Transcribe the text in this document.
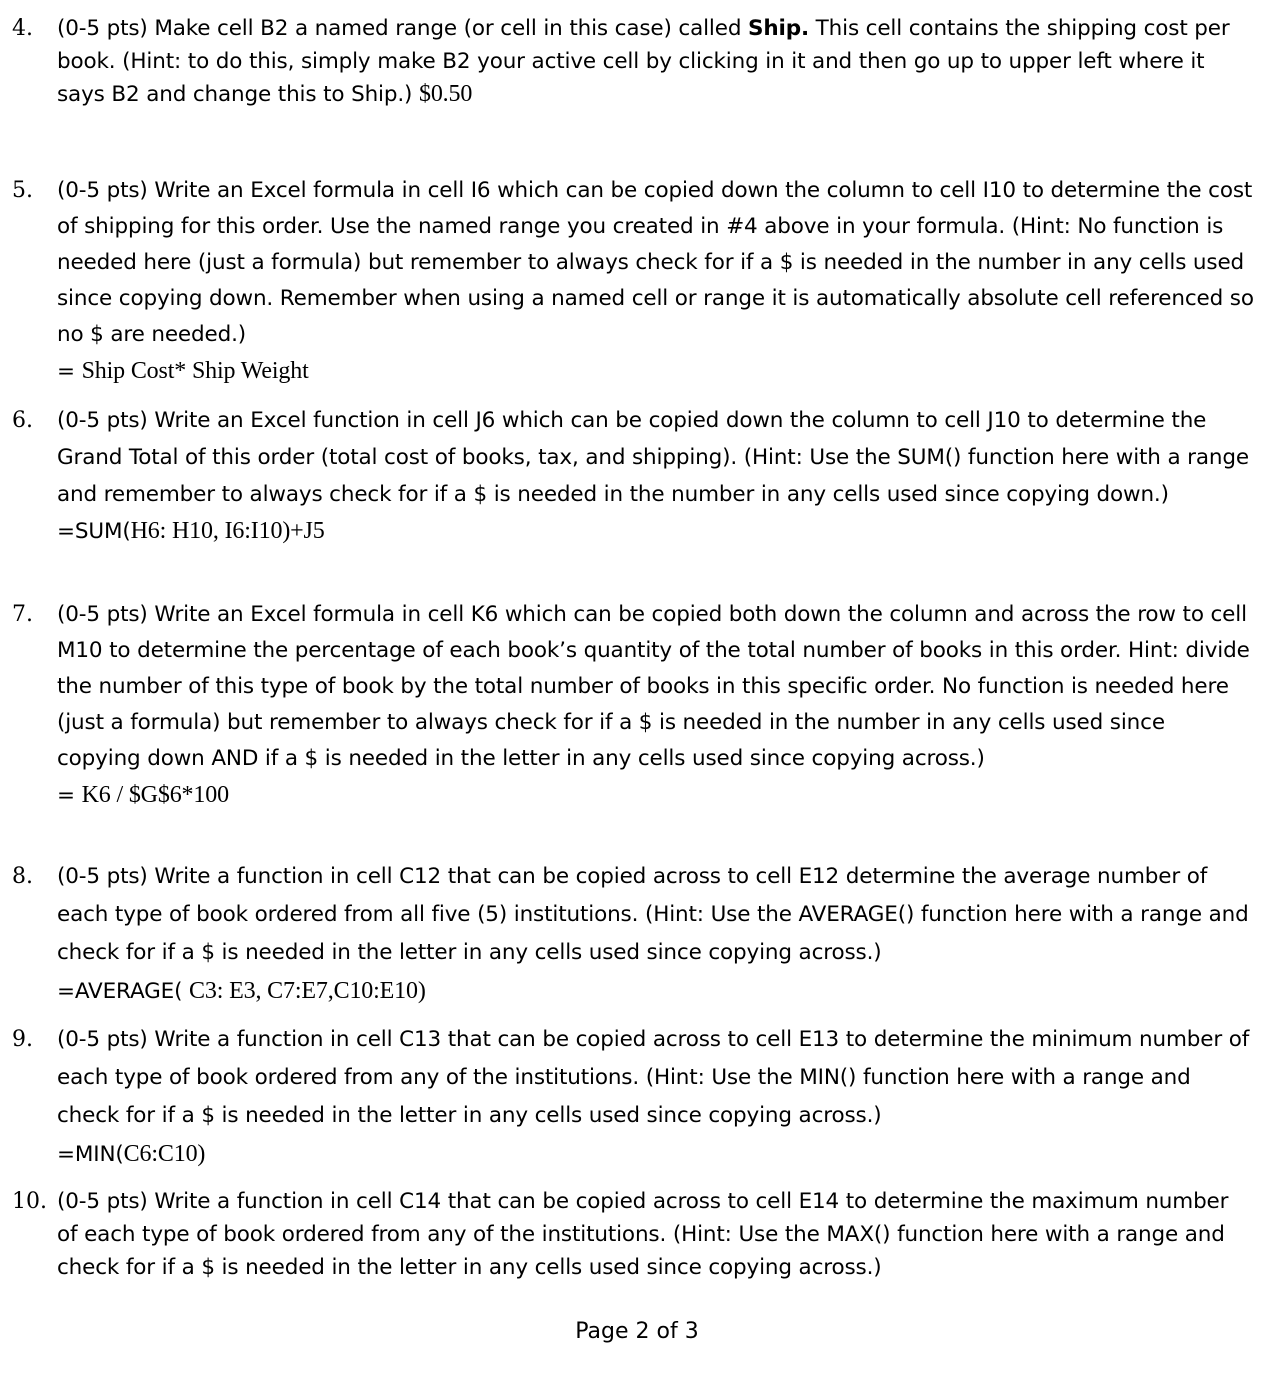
4. (0-5 pts) Make cell B2 a named range (or cell in this case) called Ship. This cell contains the shipping cost per book. (Hint: to do this, simply make B2 your active cell by clicking in it and then go up to upper left where it says B2 and change this to Ship.) $0.50
5. (0-5 pts) Write an Excel formula in cell I6 which can be copied down the column to cell I10 to determine the cost of shipping for this order. Use the named range you created in #4 above in your formula. (Hint: No function is needed here (just a formula) but remember to always check for if a $ is needed in the number in any cells used since copying down. Remember when using a named cell or range it is automatically absolute cell referenced so no $ are needed.)
= Ship Cost* Ship Weight
6. (0-5 pts) Write an Excel function in cell J6 which can be copied down the column to cell J10 to determine the Grand Total of this order (total cost of books, tax, and shipping). (Hint: Use the SUM() function here with a range and remember to always check for if a $ is needed in the number in any cells used since copying down.)
=SUM(H6: H10, I6:I10)+J5
7. (0-5 pts) Write an Excel formula in cell K6 which can be copied both down the column and across the row to cell M10 to determine the percentage of each book’s quantity of the total number of books in this order. Hint: divide the number of this type of book by the total number of books in this specific order. No function is needed here (just a formula) but remember to always check for if a $ is needed in the number in any cells used since copying down AND if a $ is needed in the letter in any cells used since copying across.)
= K6 / $G$6*100
8. (0-5 pts) Write a function in cell C12 that can be copied across to cell E12 determine the average number of each type of book ordered from all five (5) institutions. (Hint: Use the AVERAGE() function here with a range and check for if a $ is needed in the letter in any cells used since copying across.)
=AVERAGE( C3: E3, C7:E7,C10:E10)
9. (0-5 pts) Write a function in cell C13 that can be copied across to cell E13 to determine the minimum number of each type of book ordered from any of the institutions. (Hint: Use the MIN() function here with a range and check for if a $ is needed in the letter in any cells used since copying across.)
=MIN(C6:C10)
10. (0-5 pts) Write a function in cell C14 that can be copied across to cell E14 to determine the maximum number of each type of book ordered from any of the institutions. (Hint: Use the MAX() function here with a range and check for if a $ is needed in the letter in any cells used since copying across.)
Page 2 of 3
